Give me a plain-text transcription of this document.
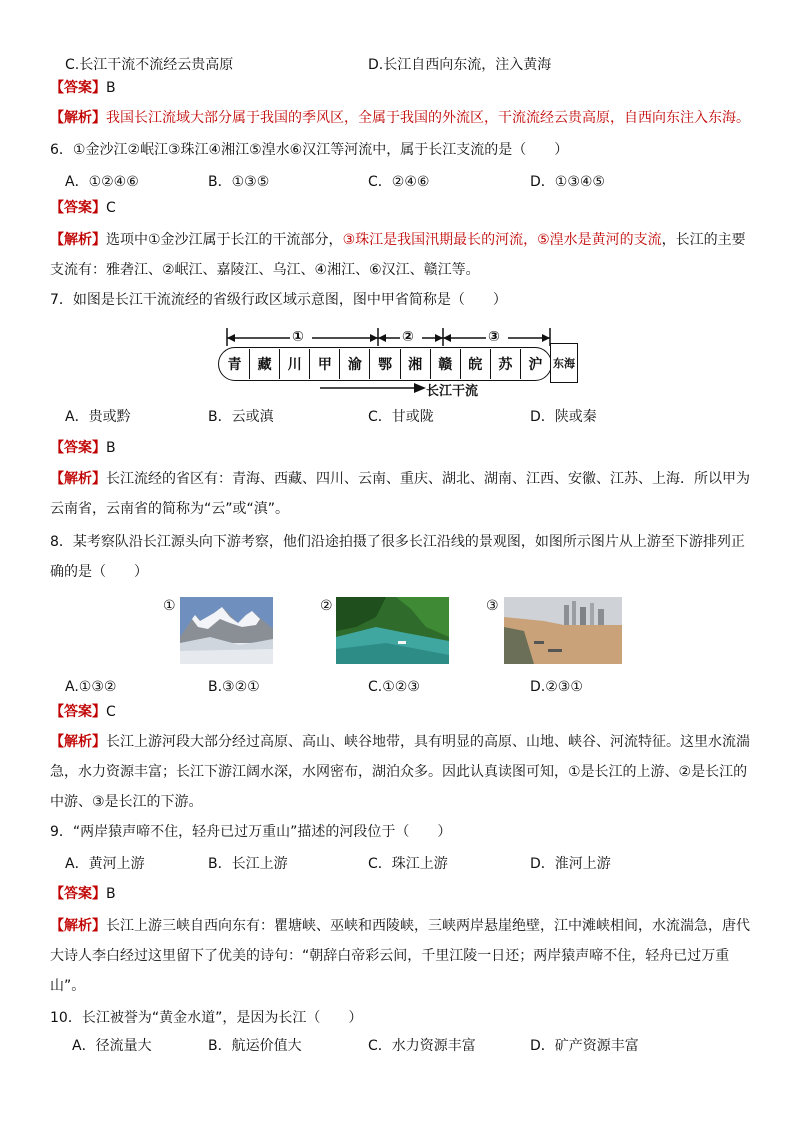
C.长江干流不流经云贵高原	D.长江自西向东流，注入黄海
【答案】B
【解析】我国长江流域大部分属于我国的季风区，全属于我国的外流区，干流流经云贵高原，自西向东注入东海。
6．①金沙江②岷江③珠江④湘江⑤湟水⑥汉江等河流中，属于长江支流的是（　　）
A．①②④⑥	B．①③⑤	C．②④⑥	D．①③④⑤
【答案】C
【解析】选项中①金沙江属于长江的干流部分，③珠江是我国汛期最长的河流，⑤湟水是黄河的支流，长江的主要
支流有：雅砻江、②岷江、嘉陵江、乌江、④湘江、⑥汉江、赣江等。
7．如图是长江干流流经的省级行政区域示意图，图中甲省简称是（　　）
①	②	③
青	藏	川	甲	渝	鄂	湘	赣	皖	苏	沪 东海
长江干流
A．贵或黔	B．云或滇	C．甘或陇	D．陕或秦
【答案】B
【解析】长江流经的省区有：青海、西藏、四川、云南、重庆、湖北、湖南、江西、安徽、江苏、上海．所以甲为
云南省，云南省的简称为“云”或“滇”。
8．某考察队沿长江源头向下游考察，他们沿途拍摄了很多长江沿线的景观图，如图所示图片从上游至下游排列正
确的是（　　）
①	②	③
A.①③②	B.③②①	C.①②③	D.②③①
【答案】C
【解析】长江上游河段大部分经过高原、高山、峡谷地带，具有明显的高原、山地、峡谷、河流特征。这里水流湍
急，水力资源丰富；长江下游江阔水深，水网密布，湖泊众多。因此认真读图可知，①是长江的上游、②是长江的
中游、③是长江的下游。
9．“两岸猿声啼不住，轻舟已过万重山”描述的河段位于（　　）
A．黄河上游	B．长江上游	C．珠江上游	D．淮河上游
【答案】B
【解析】长江上游三峡自西向东有：瞿塘峡、巫峡和西陵峡，三峡两岸悬崖绝壁，江中滩峡相间，水流湍急，唐代
大诗人李白经过这里留下了优美的诗句：“朝辞白帝彩云间，千里江陵一日还；两岸猿声啼不住，轻舟已过万重
山”。
10．长江被誉为“黄金水道”，是因为长江（　　）
A．径流量大	B．航运价值大	C．水力资源丰富	D．矿产资源丰富
